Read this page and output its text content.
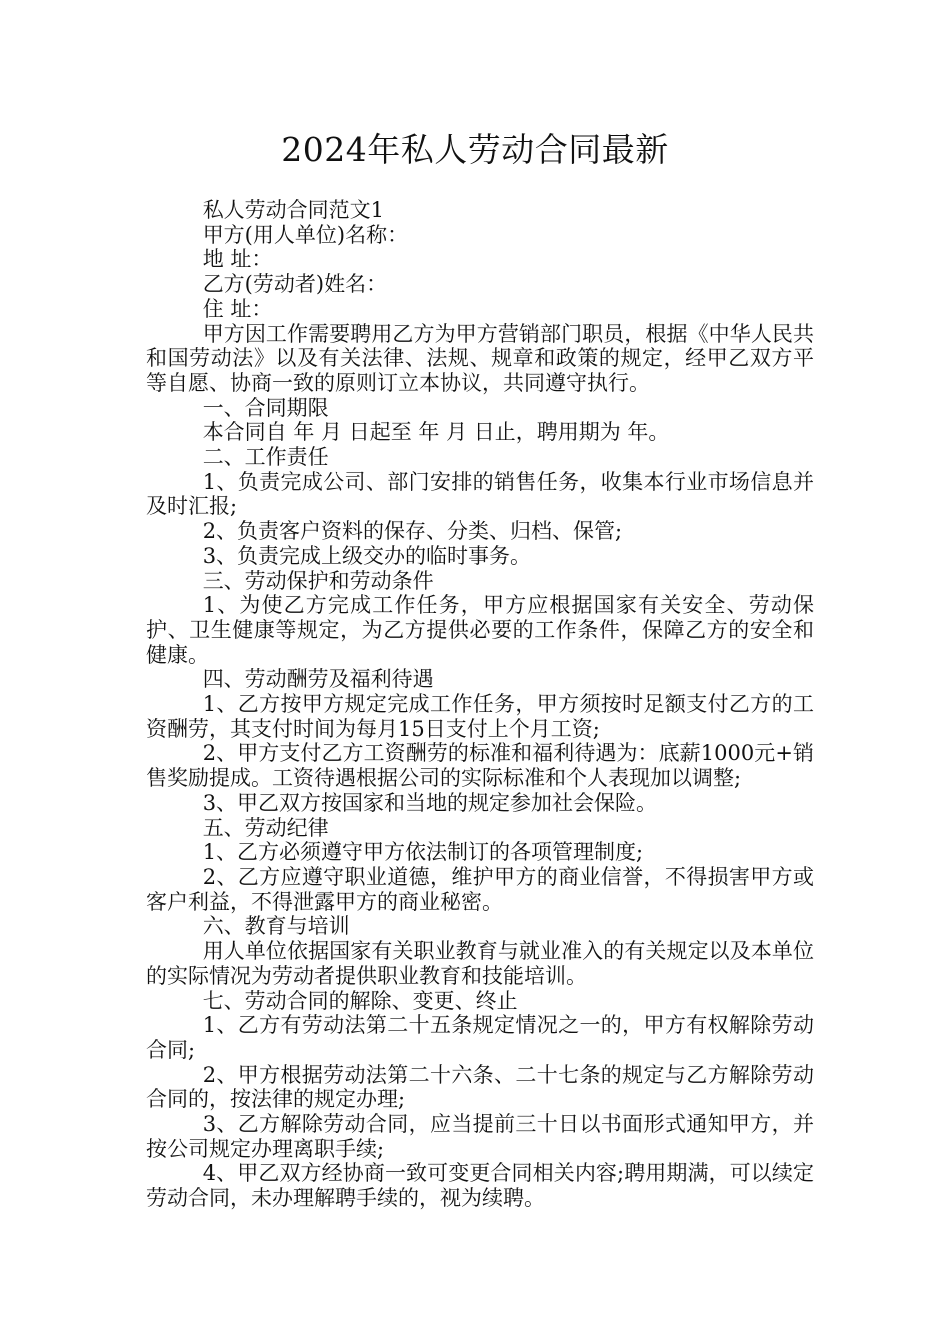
2024年私人劳动合同最新

私人劳动合同范文1

甲方(用人单位)名称：

地 址：

乙方(劳动者)姓名：

住 址：

甲方因工作需要聘用乙方为甲方营销部门职员，根据《中华人民共和国劳动法》以及有关法律、法规、规章和政策的规定，经甲乙双方平等自愿、协商一致的原则订立本协议，共同遵守执行。

一、合同期限

本合同自 年 月 日起至 年 月 日止，聘用期为 年。

二、工作责任

1、负责完成公司、部门安排的销售任务，收集本行业市场信息并及时汇报;

2、负责客户资料的保存、分类、归档、保管;

3、负责完成上级交办的临时事务。

三、劳动保护和劳动条件

1、为使乙方完成工作任务，甲方应根据国家有关安全、劳动保护、卫生健康等规定，为乙方提供必要的工作条件，保障乙方的安全和健康。

四、劳动酬劳及福利待遇

1、乙方按甲方规定完成工作任务，甲方须按时足额支付乙方的工资酬劳，其支付时间为每月15日支付上个月工资;

2、甲方支付乙方工资酬劳的标准和福利待遇为：底薪1000元+销售奖励提成。工资待遇根据公司的实际标准和个人表现加以调整;

3、甲乙双方按国家和当地的规定参加社会保险。

五、劳动纪律

1、乙方必须遵守甲方依法制订的各项管理制度;

2、乙方应遵守职业道德，维护甲方的商业信誉，不得损害甲方或客户利益，不得泄露甲方的商业秘密。

六、教育与培训

用人单位依据国家有关职业教育与就业准入的有关规定以及本单位的实际情况为劳动者提供职业教育和技能培训。

七、劳动合同的解除、变更、终止

1、乙方有劳动法第二十五条规定情况之一的，甲方有权解除劳动合同;

2、甲方根据劳动法第二十六条、二十七条的规定与乙方解除劳动合同的，按法律的规定办理;

3、乙方解除劳动合同，应当提前三十日以书面形式通知甲方，并按公司规定办理离职手续;

4、甲乙双方经协商一致可变更合同相关内容;聘用期满，可以续定劳动合同，未办理解聘手续的，视为续聘。
